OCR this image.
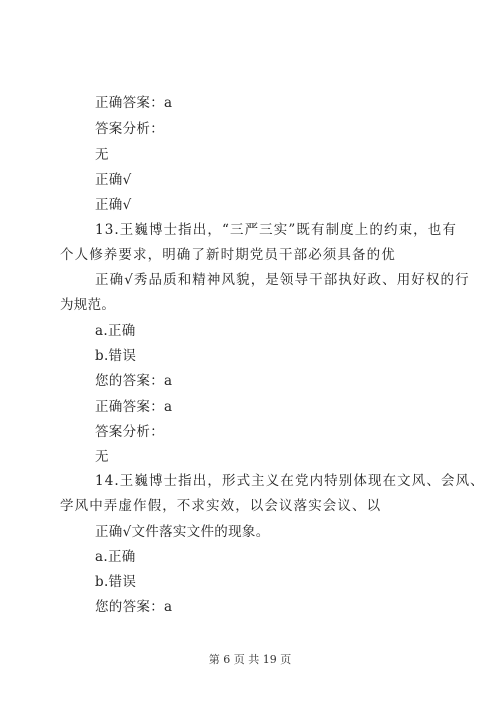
正确答案：a
答案分析：
无
正确√
正确√
13.王巍博士指出，“三严三实”既有制度上的约束，也有
个人修养要求，明确了新时期党员干部必须具备的优
正确√秀品质和精神风貌，是领导干部执好政、用好权的行
为规范。
a.正确
b.错误
您的答案：a
正确答案：a
答案分析：
无
14.王巍博士指出，形式主义在党内特别体现在文风、会风、
学风中弄虚作假，不求实效，以会议落实会议、以
正确√文件落实文件的现象。
a.正确
b.错误
您的答案：a
第 6 页 共 19 页
